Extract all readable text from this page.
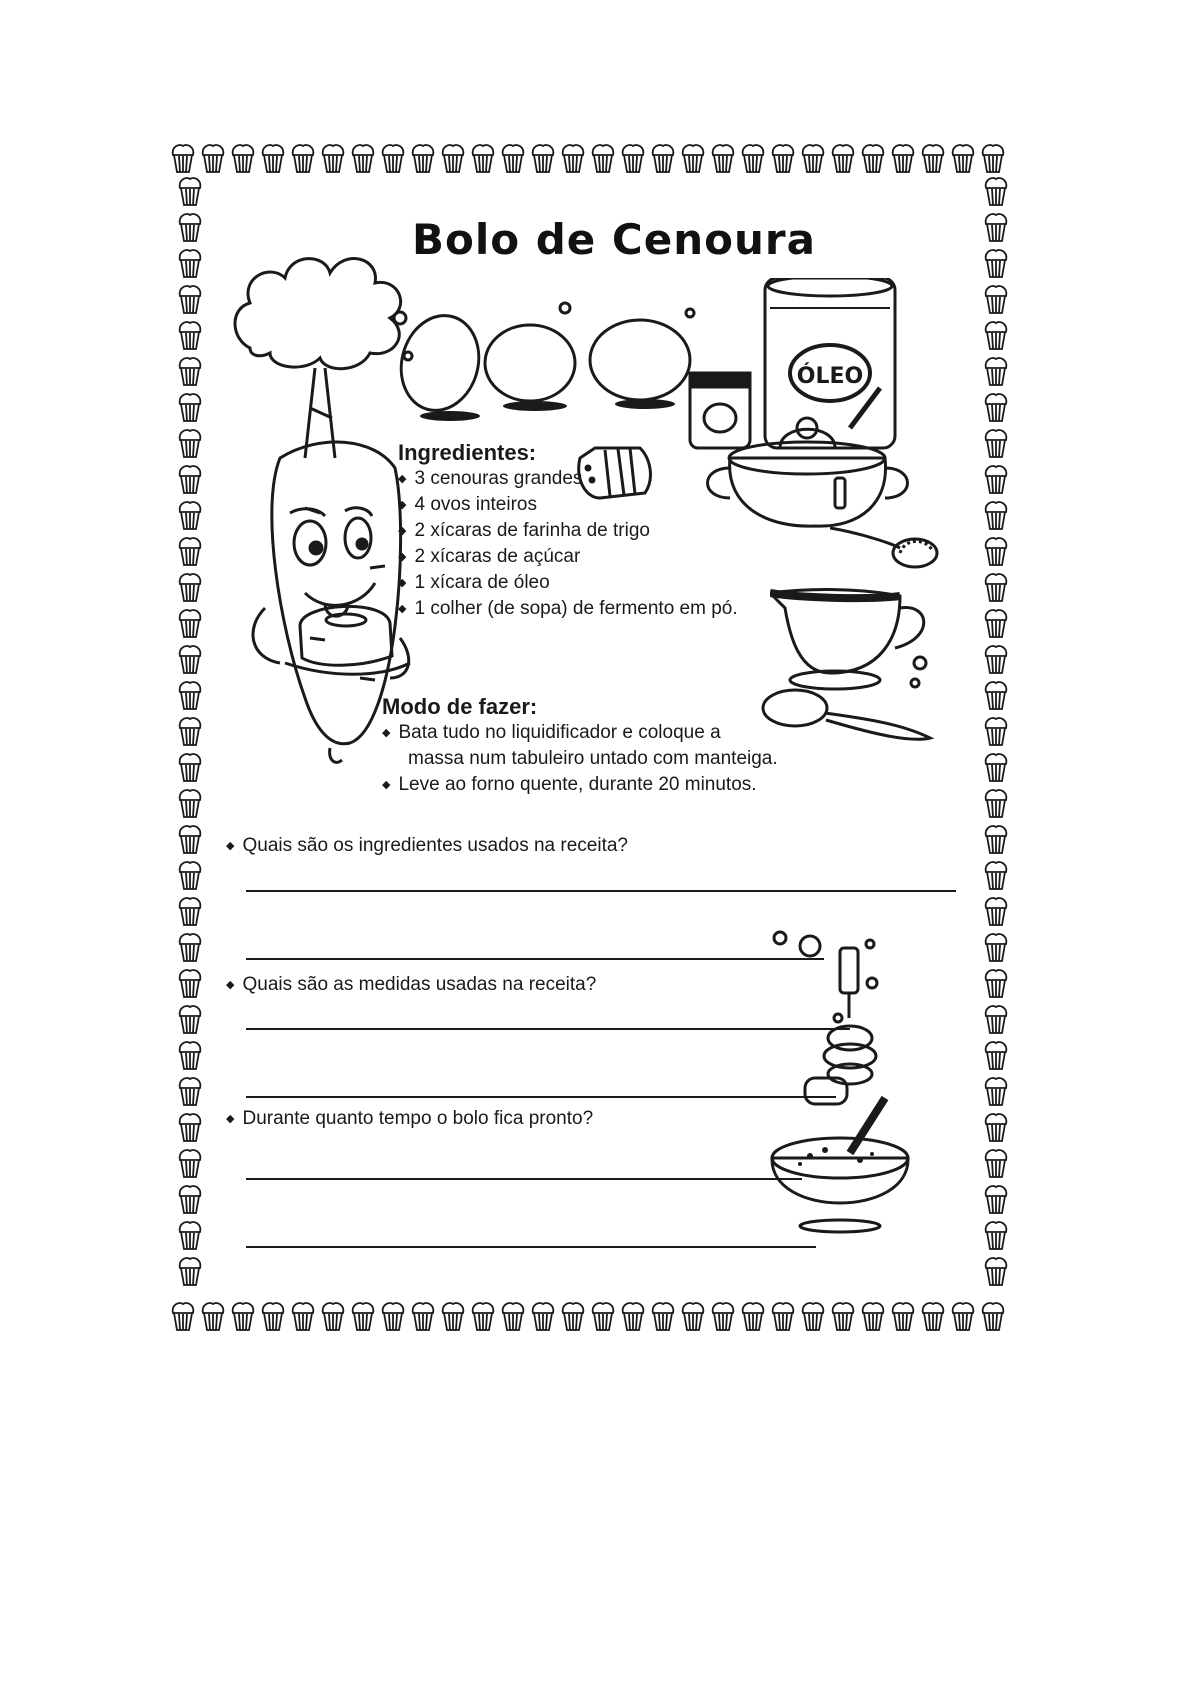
Bolo de Cenoura
ÓLEO
Ingredientes:
◆ 3 cenouras grandes
◆ 4 ovos inteiros
◆ 2 xícaras de farinha de trigo
◆ 2 xícaras de açúcar
◆ 1 xícara de óleo
◆ 1 colher (de sopa) de fermento em pó.
Modo de fazer:
◆ Bata tudo no liquidificador e coloque a
massa num tabuleiro untado com manteiga.
◆ Leve ao forno quente, durante 20 minutos.
◆ Quais são os ingredientes usados na receita?
◆ Quais são as medidas usadas na receita?
◆ Durante quanto tempo o bolo fica pronto?
